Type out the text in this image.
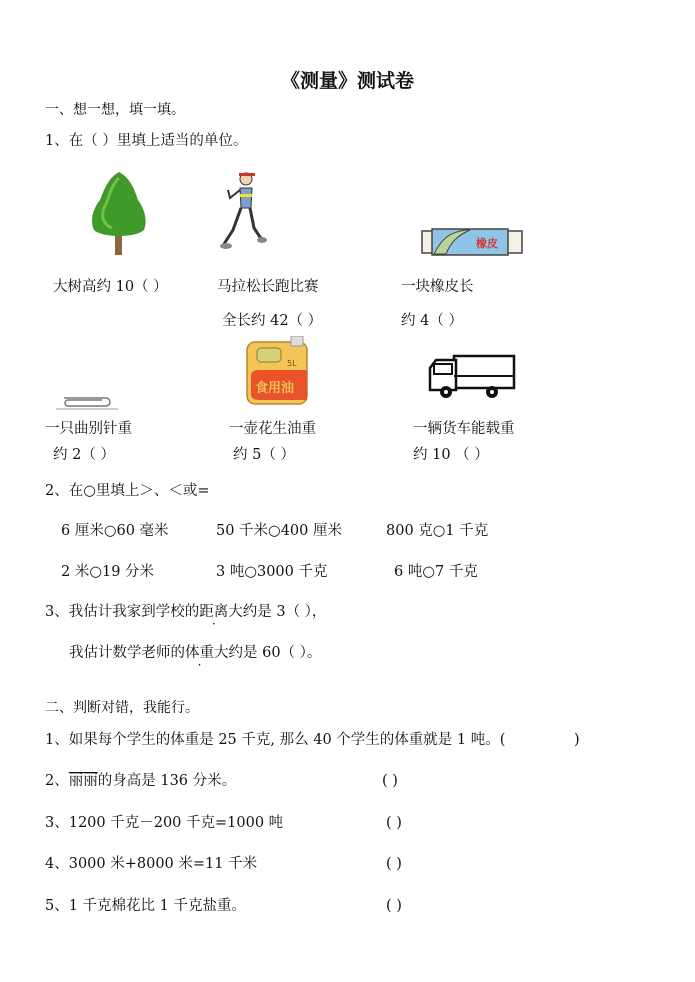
《测量》测试卷
一、想一想，填一填。
1、在（ ）里填上适当的单位。
橡皮
大树高约 10（ ）	马拉松长跑比赛
全长约 42（ ）
一块橡皮长
约 4（ ）
5L
食用油
一只曲别针重
约 2（ ）
一壶花生油重
约 5（ ）
一辆货车能载重
约 10 （ ）
2、在○里填上＞、＜或=
6 厘米○60 毫米	50 千米○400 厘米	800 克○1 千克
2 米○19 分米	3 吨○3000 千克	6 吨○7 千克
3、我估计我家到学校的距离大约是 3（ ），
我估计数学老师的体重大约是 60（ ）。
二、判断对错，我能行。
1、如果每个学生的体重是 25 千克, 那么 40 个学生的体重就是 1 吨。(	)
2、丽丽的身高是 136 分米。	( )
3、1200 千克－200 千克=1000 吨	( )
4、3000 米+8000 米=11 千米	( )
5、1 千克棉花比 1 千克盐重。	( )
